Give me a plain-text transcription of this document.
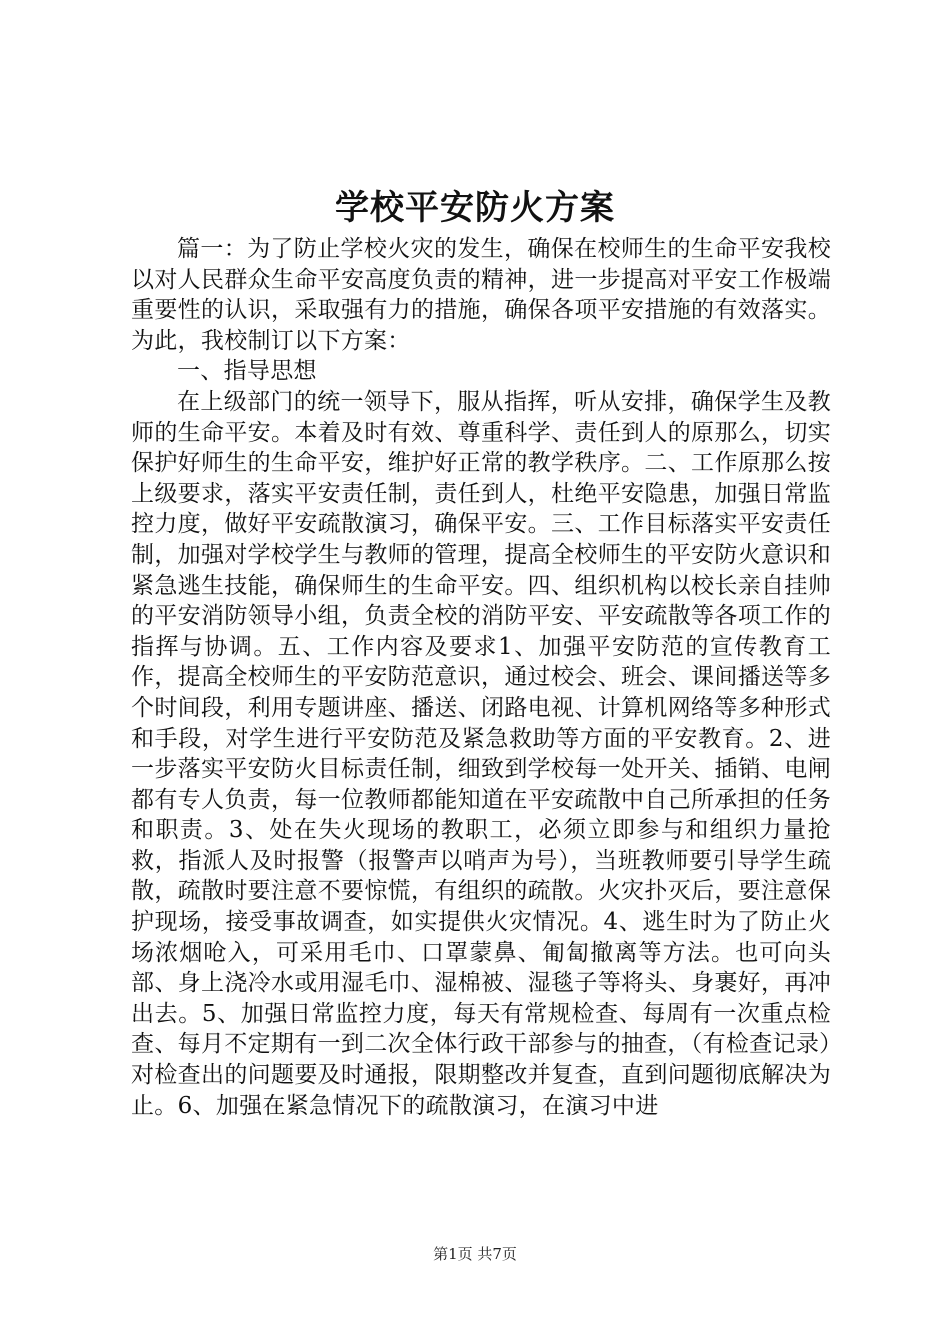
学校平安防火方案

篇一：为了防止学校火灾的发生，确保在校师生的生命平安我校以对人民群众生命平安高度负责的精神，进一步提高对平安工作极端重要性的认识，采取强有力的措施，确保各项平安措施的有效落实。为此，我校制订以下方案：

一、指导思想

在上级部门的统一领导下，服从指挥，听从安排，确保学生及教师的生命平安。本着及时有效、尊重科学、责任到人的原那么，切实保护好师生的生命平安，维护好正常的教学秩序。二、工作原那么按上级要求，落实平安责任制，责任到人，杜绝平安隐患，加强日常监控力度，做好平安疏散演习，确保平安。三、工作目标落实平安责任制，加强对学校学生与教师的管理，提高全校师生的平安防火意识和紧急逃生技能，确保师生的生命平安。四、组织机构以校长亲自挂帅的平安消防领导小组，负责全校的消防平安、平安疏散等各项工作的指挥与协调。五、工作内容及要求1、加强平安防范的宣传教育工作，提高全校师生的平安防范意识，通过校会、班会、课间播送等多个时间段，利用专题讲座、播送、闭路电视、计算机网络等多种形式和手段，对学生进行平安防范及紧急救助等方面的平安教育。2、进一步落实平安防火目标责任制，细致到学校每一处开关、插销、电闸都有专人负责，每一位教师都能知道在平安疏散中自己所承担的任务和职责。3、处在失火现场的教职工，必须立即参与和组织力量抢救，指派人及时报警（报警声以哨声为号），当班教师要引导学生疏散，疏散时要注意不要惊慌，有组织的疏散。火灾扑灭后，要注意保护现场，接受事故调查，如实提供火灾情况。4、逃生时为了防止火场浓烟呛入，可采用毛巾、口罩蒙鼻、匍匐撤离等方法。也可向头部、身上浇冷水或用湿毛巾、湿棉被、湿毯子等将头、身裹好，再冲出去。5、加强日常监控力度，每天有常规检查、每周有一次重点检查、每月不定期有一到二次全体行政干部参与的抽查，（有检查记录）对检查出的问题要及时通报，限期整改并复查，直到问题彻底解决为止。6、加强在紧急情况下的疏散演习，在演习中进

第1页 共7页
